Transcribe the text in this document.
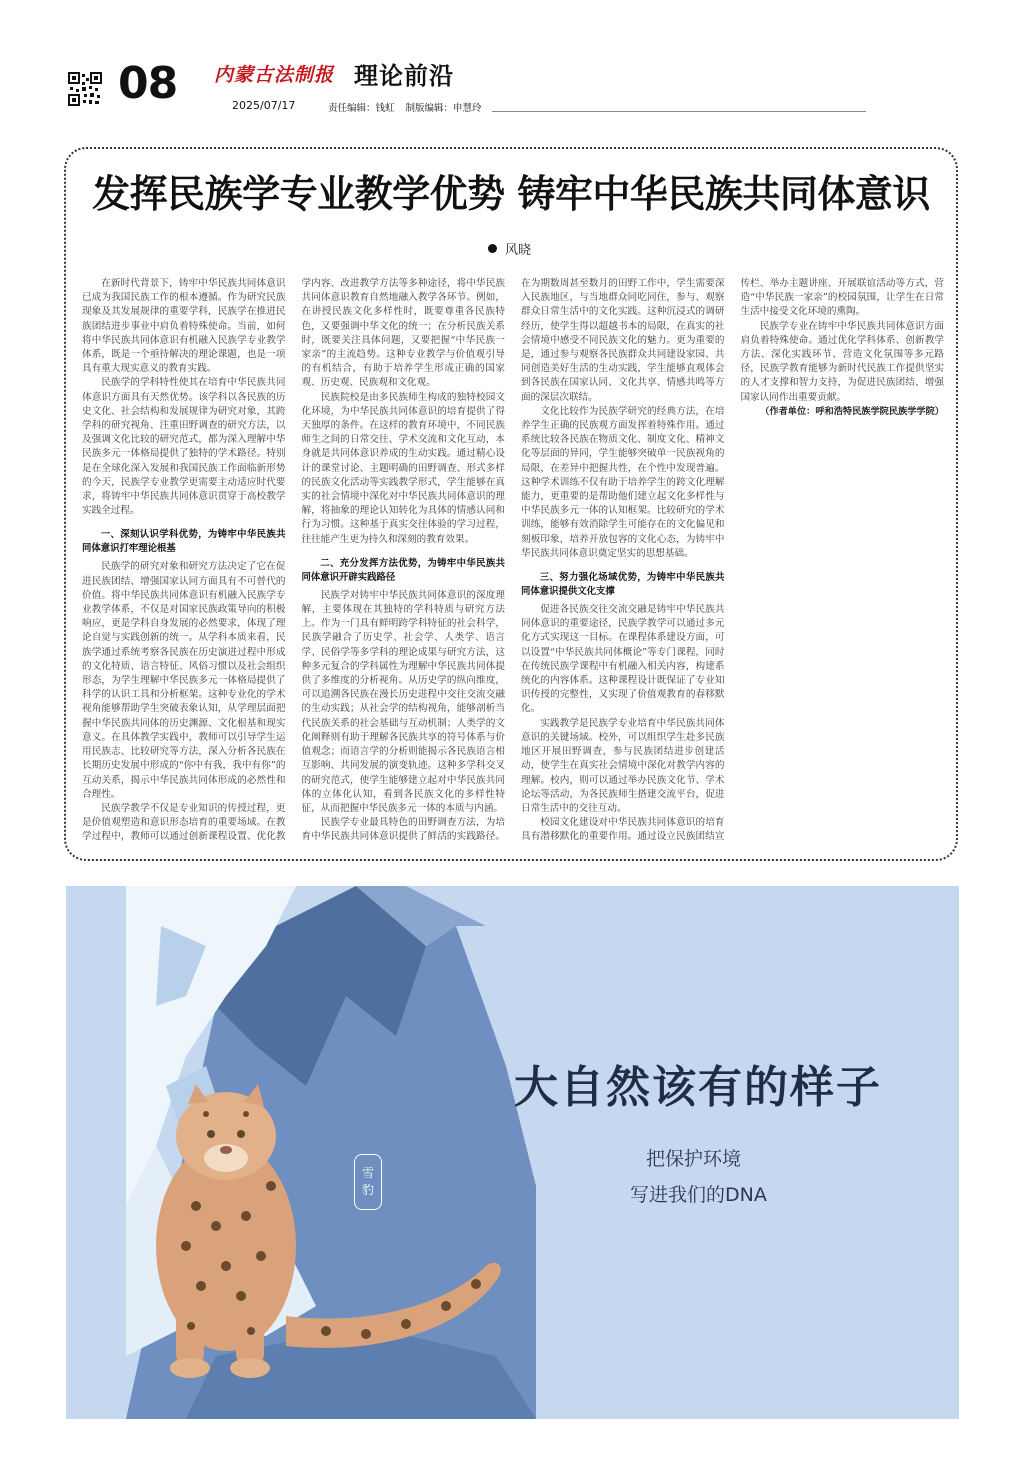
08 内蒙古法制报
2025/07/17
理论前沿
责任编辑：钱虹 制版编辑：申慧玲
发挥民族学专业教学优势 铸牢中华民族共同体意识
风晓

在新时代背景下，铸牢中华民族共同体意识已成为我国民族工作的根本遵循。作为研究民族现象及其发展规律的重要学科，民族学在推进民族团结进步事业中肩负着特殊使命。当前，如何将中华民族共同体意识有机融入民族学专业教学体系，既是一个亟待解决的理论课题，也是一项具有重大现实意义的教育实践。

民族学的学科特性使其在培育中华民族共同体意识方面具有天然优势。该学科以各民族的历史文化、社会结构和发展规律为研究对象，其跨学科的研究视角、注重田野调查的研究方法，以及强调文化比较的研究范式，都为深入理解中华民族多元一体格局提供了独特的学术路径。特别是在全球化深入发展和我国民族工作面临新形势的今天，民族学专业教学更需要主动适应时代要求，将铸牢中华民族共同体意识贯穿于高校教学实践全过程。

一、深刻认识学科优势，为铸牢中华民族共同体意识打牢理论根基

民族学的研究对象和研究方法决定了它在促进民族团结、增强国家认同方面具有不可替代的价值。将中华民族共同体意识有机融入民族学专业教学体系，不仅是对国家民族政策导向的积极响应，更是学科自身发展的必然要求，体现了理论自觉与实践创新的统一。从学科本质来看，民族学通过系统考察各民族在历史演进过程中形成的文化特质、语言特征、风俗习惯以及社会组织形态，为学生理解中华民族多元一体格局提供了科学的认识工具和分析框架。这种专业化的学术视角能够帮助学生突破表象认知，从学理层面把握中华民族共同体的历史渊源、文化根基和现实意义。在具体教学实践中，教师可以引导学生运用民族志、比较研究等方法，深入分析各民族在长期历史发展中形成的“你中有我，我中有你”的互动关系，揭示中华民族共同体形成的必然性和合理性。

民族学教学不仅是专业知识的传授过程，更是价值观塑造和意识形态培育的重要场域。在教学过程中，教师可以通过创新课程设置、优化教学内容、改进教学方法等多种途径，将中华民族共同体意识教育自然地融入教学各环节。例如，在讲授民族文化多样性时，既要尊重各民族特色，又要强调中华文化的统一；在分析民族关系时，既要关注具体问题，又要把握“中华民族一家亲”的主流趋势。这种专业教学与价值观引导的有机结合，有助于培养学生形成正确的国家观、历史观、民族观和文化观。

民族院校是由多民族师生构成的独特校园文化环境，为中华民族共同体意识的培育提供了得天独厚的条件。在这样的教育环境中，不同民族师生之间的日常交往、学术交流和文化互动，本身就是共同体意识养成的生动实践。通过精心设计的课堂讨论、主题明确的田野调查、形式多样的民族文化活动等实践教学形式，学生能够在真实的社会情境中深化对中华民族共同体意识的理解，将抽象的理论认知转化为具体的情感认同和行为习惯。这种基于真实交往体验的学习过程，往往能产生更为持久和深刻的教育效果。

二、充分发挥方法优势，为铸牢中华民族共同体意识开辟实践路径

民族学对铸牢中华民族共同体意识的深度理解，主要体现在其独特的学科特质与研究方法上。作为一门具有鲜明跨学科特征的社会科学，民族学融合了历史学、社会学、人类学、语言学、民俗学等多学科的理论成果与研究方法，这种多元复合的学科属性为理解中华民族共同体提供了多维度的分析视角。从历史学的纵向维度，可以追溯各民族在漫长历史进程中交往交流交融的生动实践；从社会学的结构视角，能够剖析当代民族关系的社会基础与互动机制；人类学的文化阐释则有助于理解各民族共享的符号体系与价值观念；而语言学的分析则能揭示各民族语言相互影响、共同发展的演变轨迹。这种多学科交叉的研究范式，使学生能够建立起对中华民族共同体的立体化认知，看到各民族文化的多样性特征，从而把握中华民族多元一体的本质与内涵。

民族学专业最具特色的田野调查方法，为培育中华民族共同体意识提供了鲜活的实践路径。在为期数周甚至数月的田野工作中，学生需要深入民族地区，与当地群众同吃同住，参与、观察群众日常生活中的文化实践。这种沉浸式的调研经历，使学生得以超越书本的局限，在真实的社会情境中感受不同民族文化的魅力。更为重要的是，通过参与观察各民族群众共同建设家园、共同创造美好生活的生动实践，学生能够直观体会到各民族在国家认同、文化共享、情感共鸣等方面的深层次联结。

文化比较作为民族学研究的经典方法，在培养学生正确的民族观方面发挥着特殊作用。通过系统比较各民族在物质文化、制度文化、精神文化等层面的异同，学生能够突破单一民族视角的局限，在差异中把握共性，在个性中发现普遍。这种学术训练不仅有助于培养学生的跨文化理解能力，更重要的是帮助他们建立起文化多样性与中华民族多元一体的认知框架。比较研究的学术训练，能够有效消除学生可能存在的文化偏见和刻板印象，培养开放包容的文化心态，为铸牢中华民族共同体意识奠定坚实的思想基础。

三、努力强化场域优势，为铸牢中华民族共同体意识提供文化支撑

促进各民族交往交流交融是铸牢中华民族共同体意识的重要途径，民族学教学可以通过多元化方式实现这一目标。在课程体系建设方面，可以设置“中华民族共同体概论”等专门课程，同时在传统民族学课程中有机融入相关内容，构建系统化的内容体系。这种课程设计既保证了专业知识传授的完整性，又实现了价值观教育的春移默化。

实践教学是民族学专业培育中华民族共同体意识的关键场域。校外，可以组织学生赴多民族地区开展田野调查，参与民族团结进步创建活动，使学生在真实社会情境中深化对教学内容的理解。校内，则可以通过举办民族文化节、学术论坛等活动，为各民族师生搭建交流平台，促进日常生活中的交往互动。

校园文化建设对中华民族共同体意识的培育具有潜移默化的重要作用。通过设立民族团结宣传栏、举办主题讲座、开展联谊活动等方式，营造“中华民族一家亲”的校园氛围，让学生在日常生活中接受文化环境的熏陶。

民族学专业在铸牢中华民族共同体意识方面肩负着特殊使命。通过优化学科体系、创新教学方法、深化实践环节、营造文化氛围等多元路径，民族学教育能够为新时代民族工作提供坚实的人才支撑和智力支持，为促进民族团结、增强国家认同作出重要贡献。

（作者单位：呼和浩特民族学院民族学学院）

雪
豹
大自然该有的样子
把保护环境
写进我们的DNA
